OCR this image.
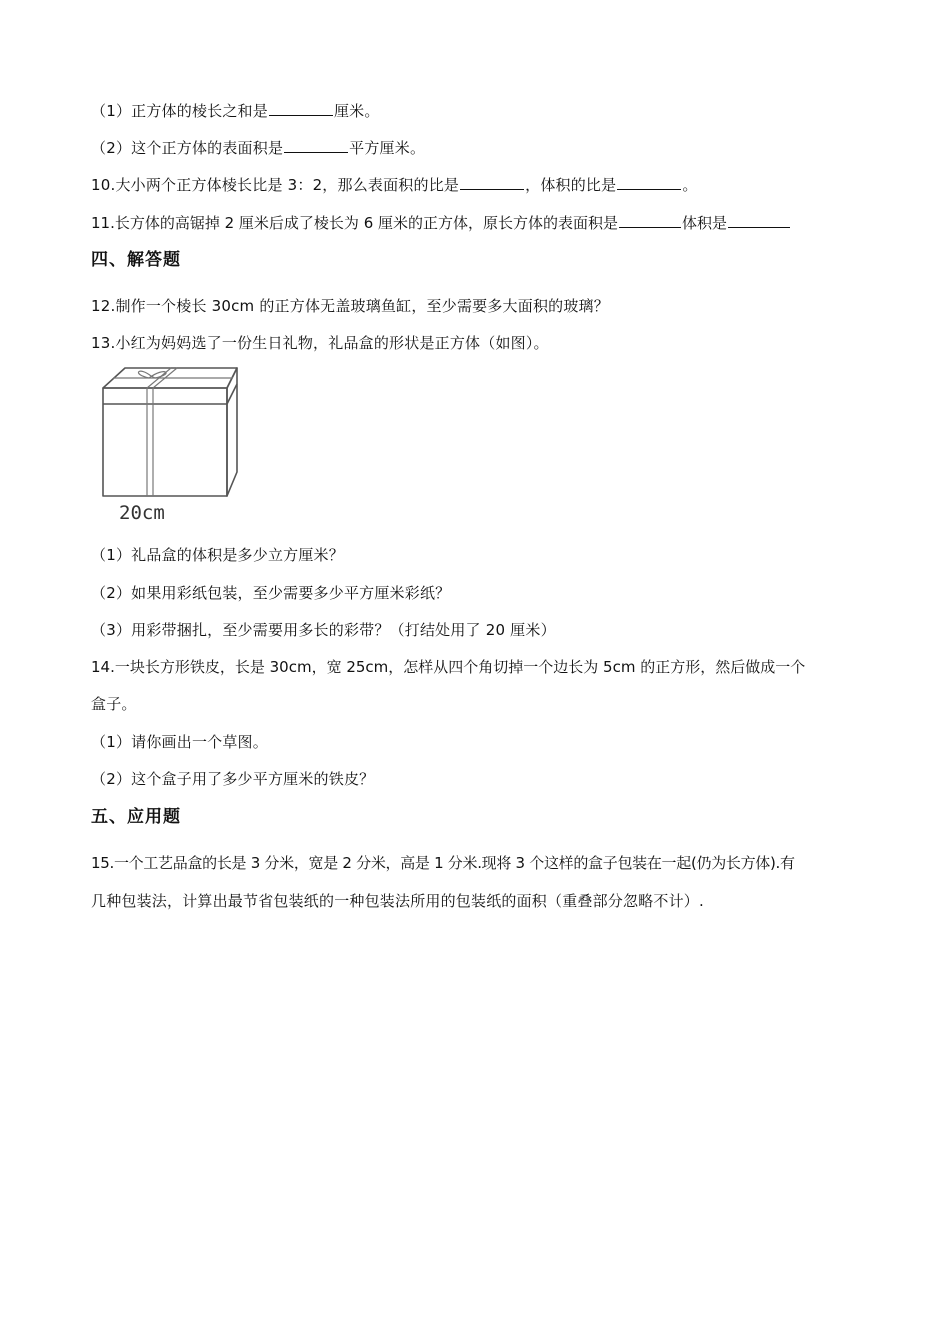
（1）正方体的棱长之和是	厘米。
（2）这个正方体的表面积是	平方厘米。
10.大小两个正方体棱长比是 3：2，那么表面积的比是	，体积的比是	。
11.长方体的高锯掉 2 厘米后成了棱长为 6 厘米的正方体，原长方体的表面积是	体积是
四、解答题
12.制作一个棱长 30cm 的正方体无盖玻璃鱼缸，至少需要多大面积的玻璃？
13.小红为妈妈选了一份生日礼物，礼品盒的形状是正方体（如图）。
20cm
（1）礼品盒的体积是多少立方厘米？
（2）如果用彩纸包装，至少需要多少平方厘米彩纸？
（3）用彩带捆扎，至少需要用多长的彩带？（打结处用了 20 厘米）
14.一块长方形铁皮，长是 30cm，宽 25cm，怎样从四个角切掉一个边长为 5cm 的正方形，然后做成一个
盒子。
（1）请你画出一个草图。
（2）这个盒子用了多少平方厘米的铁皮？
五、应用题
15.一个工艺品盒的长是 3 分米，宽是 2 分米，高是 1 分米.现将 3 个这样的盒子包装在一起(仍为长方体).有
几种包装法，计算出最节省包装纸的一种包装法所用的包装纸的面积（重叠部分忽略不计）.
